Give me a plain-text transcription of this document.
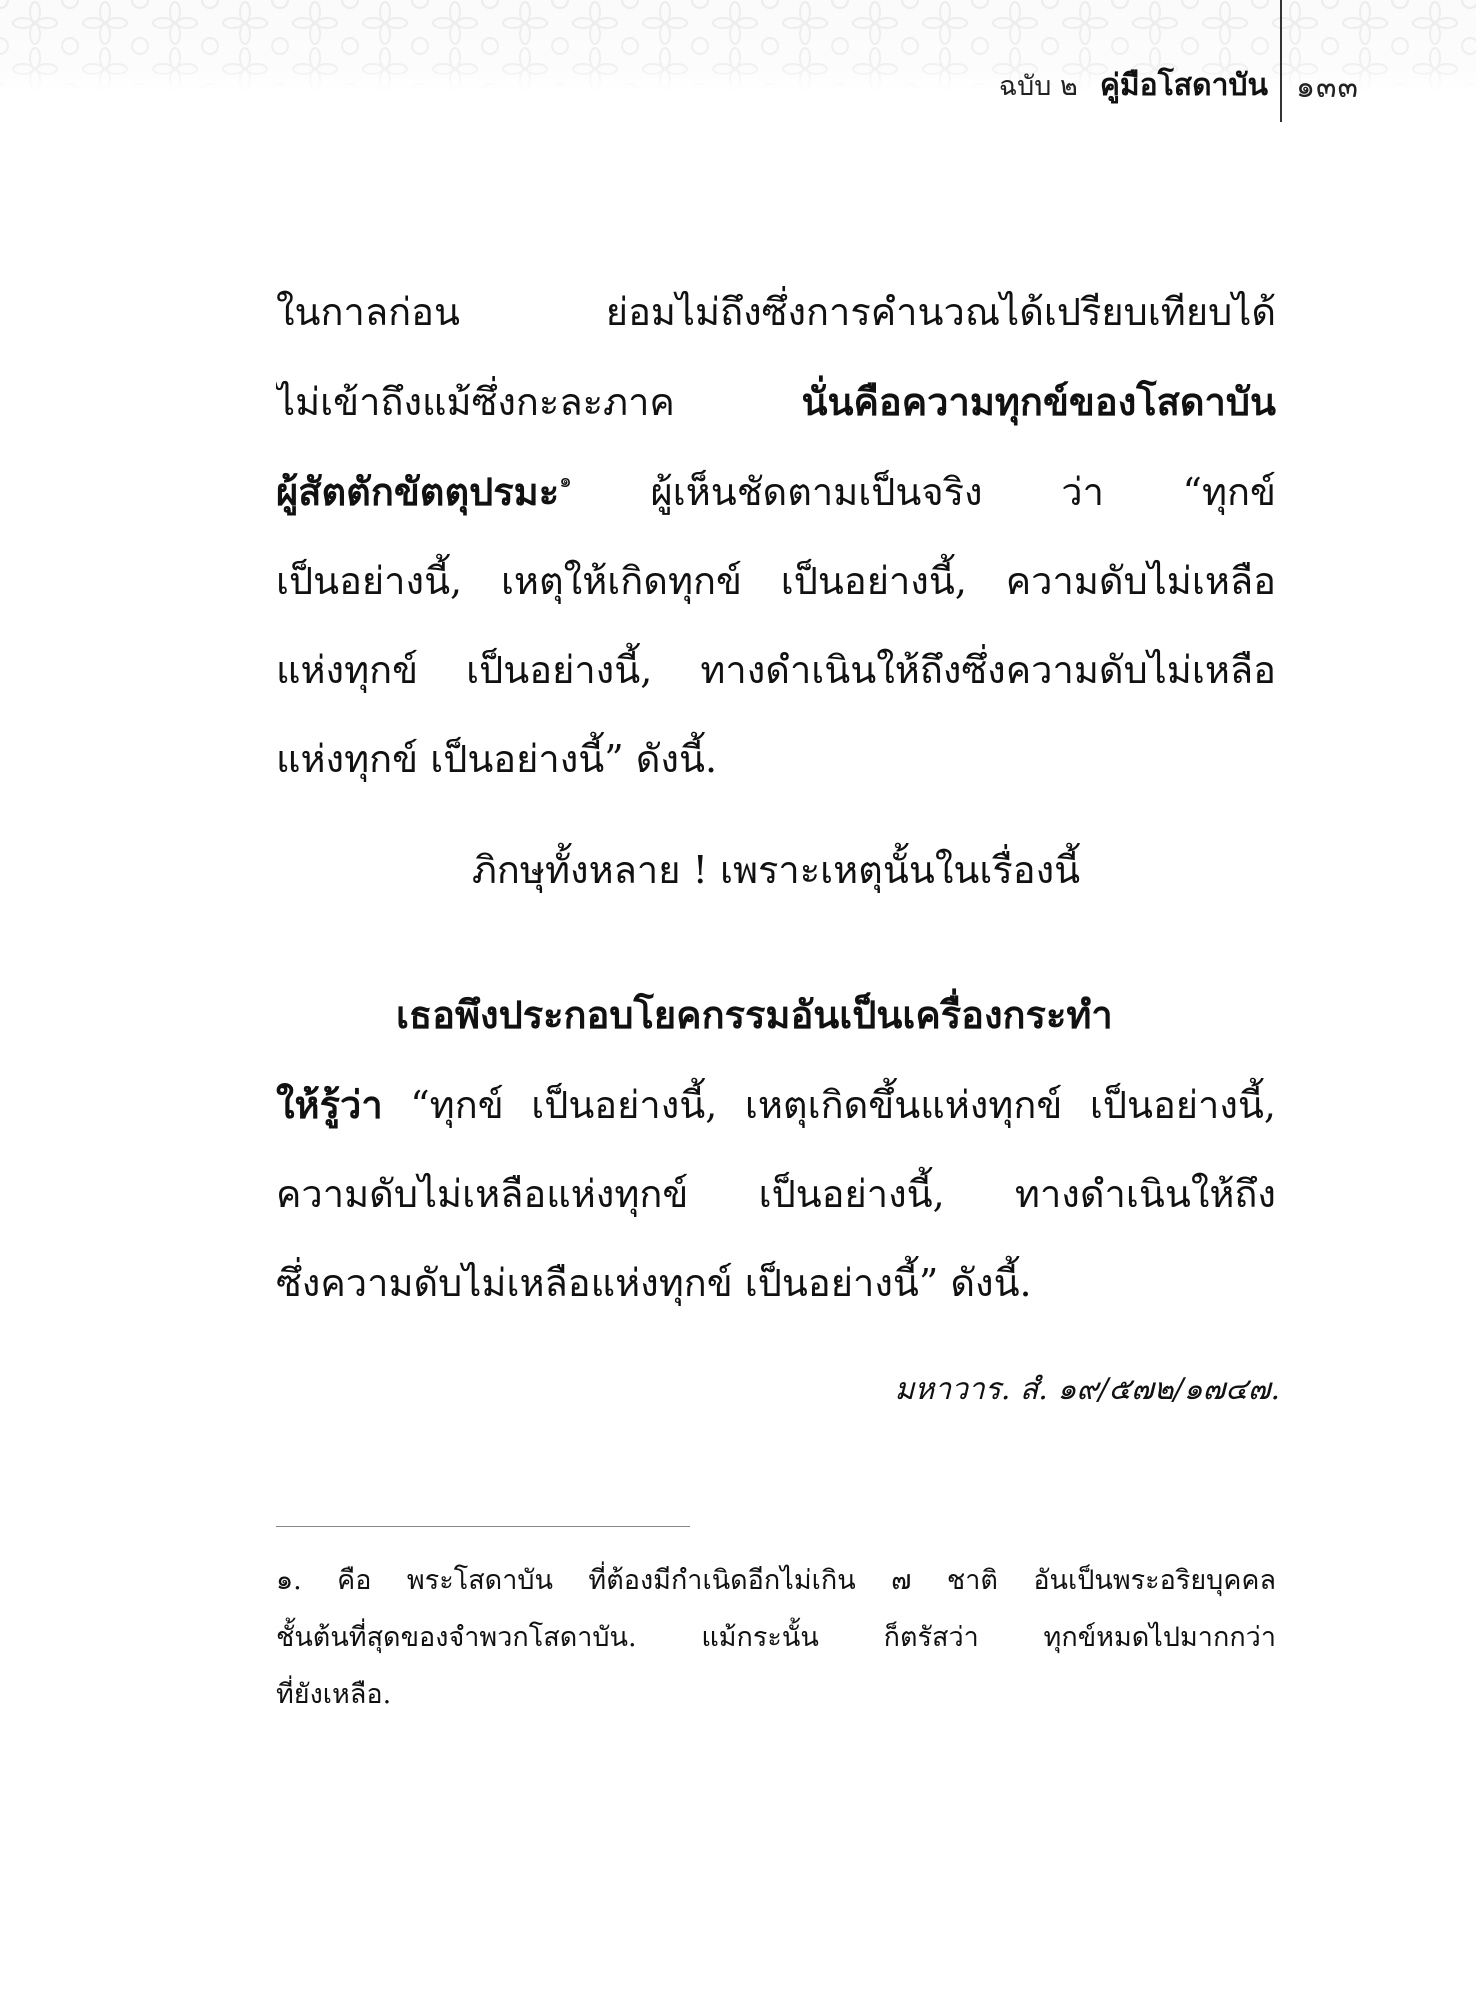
ฉบับ ๒ คู่มือโสดาบัน ๑๓๓
ในกาลก่อน ย่อมไม่ถึงซึ่งการคำนวณได้เปรียบเทียบได้
ไม่เข้าถึงแม้ซึ่งกะละภาค นั่นคือความทุกข์ของโสดาบัน
ผู้สัตตักขัตตุปรมะ$^๑$ ผู้เห็นชัดตามเป็นจริง ว่า “ทุกข์
เป็นอย่างนี้, เหตุให้เกิดทุกข์ เป็นอย่างนี้, ความดับไม่เหลือ
แห่งทุกข์ เป็นอย่างนี้, ทางดำเนินให้ถึงซึ่งความดับไม่เหลือ
แห่งทุกข์ เป็นอย่างนี้” ดังนี้.
ภิกษุทั้งหลาย ! เพราะเหตุนั้นในเรื่องนี้
เธอพึงประกอบโยคกรรมอันเป็นเครื่องกระทำ
ให้รู้ว่า “ทุกข์ เป็นอย่างนี้, เหตุเกิดขึ้นแห่งทุกข์ เป็นอย่างนี้,
ความดับไม่เหลือแห่งทุกข์ เป็นอย่างนี้, ทางดำเนินให้ถึง
ซึ่งความดับไม่เหลือแห่งทุกข์ เป็นอย่างนี้” ดังนี้.
มหาวาร. สํ. ๑๙/๕๗๒/๑๗๔๗.
๑. คือ พระโสดาบัน ที่ต้องมีกำเนิดอีกไม่เกิน ๗ ชาติ อันเป็นพระอริยบุคคล
ชั้นต้นที่สุดของจำพวกโสดาบัน. แม้กระนั้น ก็ตรัสว่า ทุกข์หมดไปมากกว่า
ที่ยังเหลือ.
